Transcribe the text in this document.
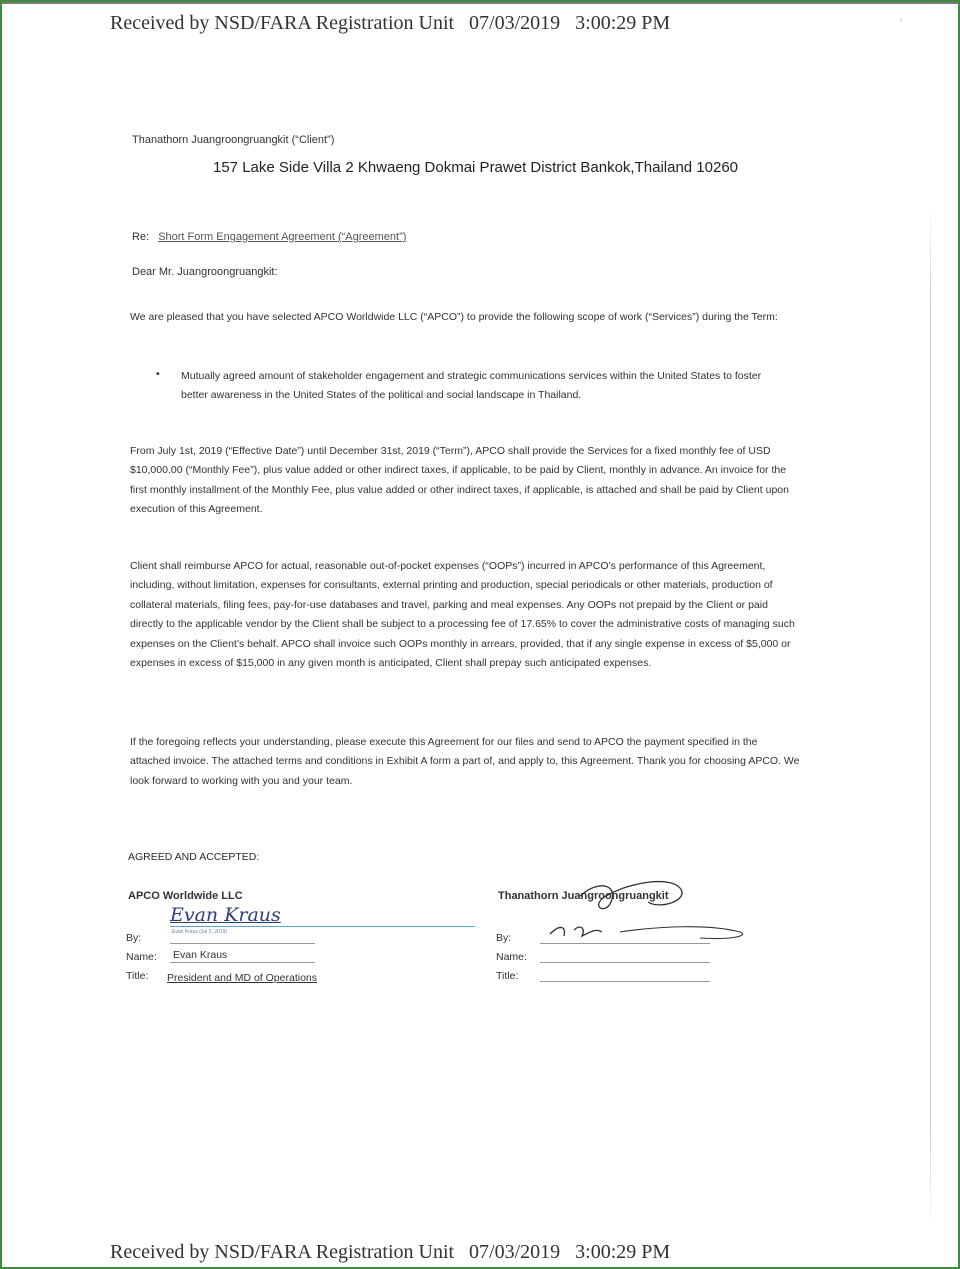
Received by NSD/FARA Registration Unit   07/03/2019   3:00:29 PM	ʼ
Thanathorn Juangroongruangkit (“Client”)
157 Lake Side Villa 2 Khwaeng Dokmai Prawet District Bankok,Thailand 10260
Re: Short Form Engagement Agreement (“Agreement”)
Dear Mr. Juangroongruangkit:

We are pleased that you have selected APCO Worldwide LLC (“APCO”) to provide the following scope of work (“Services”) during the Term:

• Mutually agreed amount of stakeholder engagement and strategic communications services within the United States to foster better awareness in the United States of the political and social landscape in Thailand.

From July 1st, 2019 (“Effective Date”) until December 31st, 2019 (“Term”), APCO shall provide the Services for a fixed monthly fee of USD $10,000.00 (“Monthly Fee”), plus value added or other indirect taxes, if applicable, to be paid by Client, monthly in advance. An invoice for the first monthly installment of the Monthly Fee, plus value added or other indirect taxes, if applicable, is attached and shall be paid by Client upon execution of this Agreement.

Client shall reimburse APCO for actual, reasonable out-of-pocket expenses (“OOPs”) incurred in APCO’s performance of this Agreement, including, without limitation, expenses for consultants, external printing and production, special periodicals or other materials, production of collateral materials, filing fees, pay-for-use databases and travel, parking and meal expenses. Any OOPs not prepaid by the Client or paid directly to the applicable vendor by the Client shall be subject to a processing fee of 17.65% to cover the administrative costs of managing such expenses on the Client’s behalf. APCO shall invoice such OOPs monthly in arrears, provided, that if any single expense in excess of $5,000 or expenses in excess of $15,000 in any given month is anticipated, Client shall prepay such anticipated expenses.

If the foregoing reflects your understanding, please execute this Agreement for our files and send to APCO the payment specified in the attached invoice. The attached terms and conditions in Exhibit A form a part of, and apply to, this Agreement. Thank you for choosing APCO. We look forward to working with you and your team.

AGREED AND ACCEPTED:
APCO Worldwide LLC
Evan Kraus
Evan Kraus (Jul 3, 2019)
By:
Name: Evan Kraus
Title: President and MD of Operations
Thanathorn Juangroongruangkit
By:
Name:
Title:
Received by NSD/FARA Registration Unit   07/03/2019   3:00:29 PM
